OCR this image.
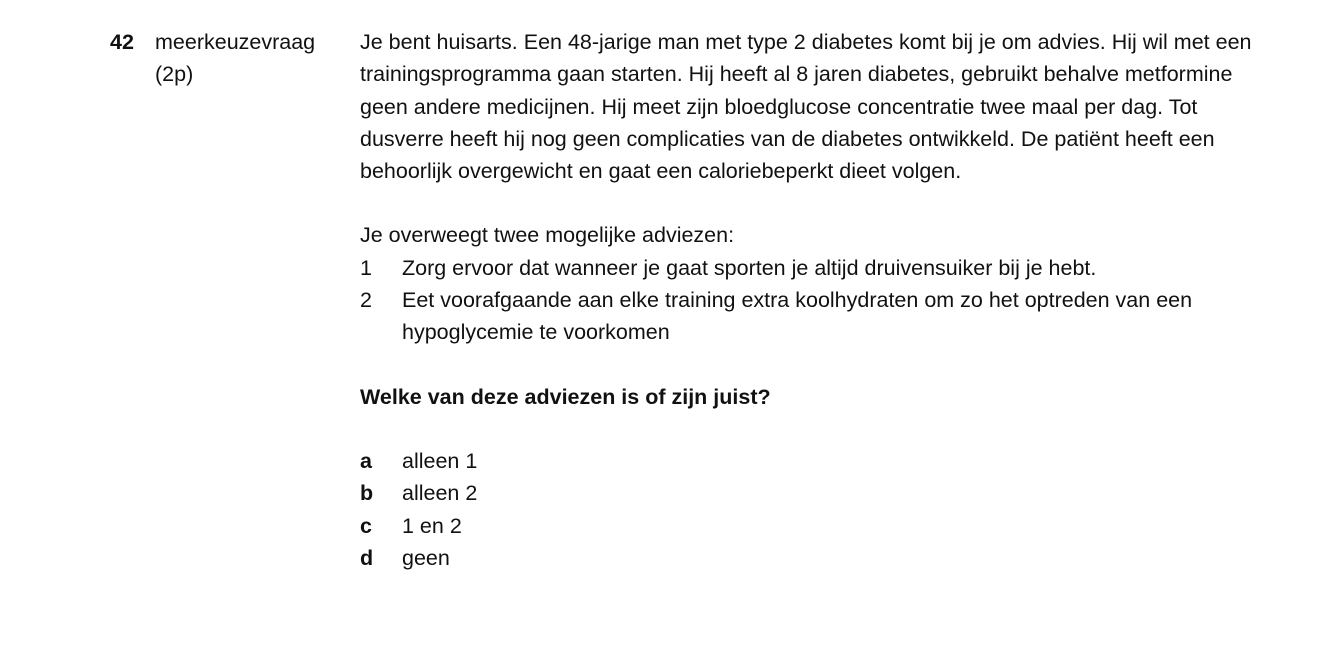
42 meerkeuzevraag
(2p)

Je bent huisarts. Een 48-jarige man met type 2 diabetes komt bij je om advies. Hij wil met een trainingsprogramma gaan starten. Hij heeft al 8 jaren diabetes, gebruikt behalve metformine geen andere medicijnen. Hij meet zijn bloedglucose concentratie twee maal per dag. Tot dusverre heeft hij nog geen complicaties van de diabetes ontwikkeld. De patiënt heeft een behoorlijk overgewicht en gaat een caloriebeperkt dieet volgen.

Je overweegt twee mogelijke adviezen:

1	Zorg ervoor dat wanneer je gaat sporten je altijd druivensuiker bij je hebt.
2	Eet voorafgaande aan elke training extra koolhydraten om zo het optreden van een hypoglycemie te voorkomen

Welke van deze adviezen is of zijn juist?

a	alleen 1
b	alleen 2
c	1 en 2
d	geen
